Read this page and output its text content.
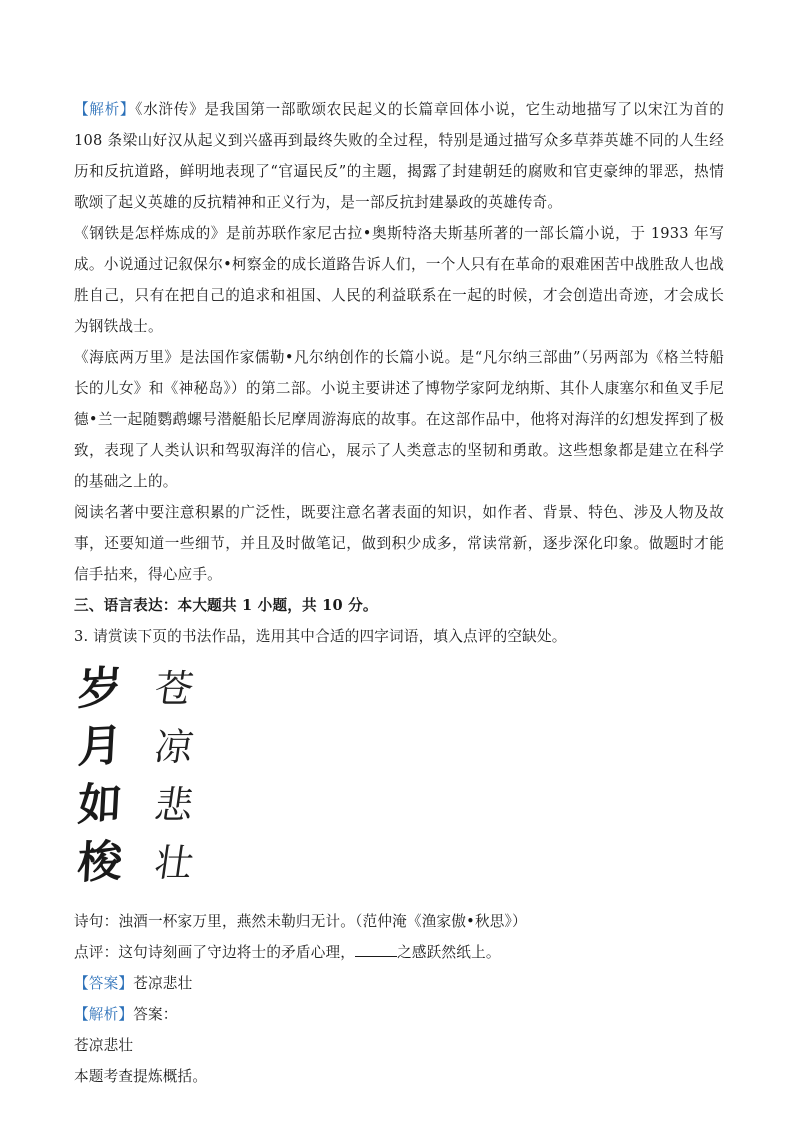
【解析】《水浒传》是我国第一部歌颂农民起义的长篇章回体小说，它生动地描写了以宋江为首的 108 条梁山好汉从起义到兴盛再到最终失败的全过程，特别是通过描写众多草莽英雄不同的人生经历和反抗道路，鲜明地表现了“官逼民反”的主题，揭露了封建朝廷的腐败和官吏豪绅的罪恶，热情歌颂了起义英雄的反抗精神和正义行为，是一部反抗封建暴政的英雄传奇。

《钢铁是怎样炼成的》是前苏联作家尼古拉•奥斯特洛夫斯基所著的一部长篇小说，于 1933 年写成。小说通过记叙保尔•柯察金的成长道路告诉人们，一个人只有在革命的艰难困苦中战胜敌人也战胜自己，只有在把自己的追求和祖国、人民的利益联系在一起的时候，才会创造出奇迹，才会成长为钢铁战士。

《海底两万里》是法国作家儒勒•凡尔纳创作的长篇小说。是“凡尔纳三部曲”（另两部为《格兰特船长的儿女》和《神秘岛》）的第二部。小说主要讲述了博物学家阿龙纳斯、其仆人康塞尔和鱼叉手尼德•兰一起随鹦鹉螺号潜艇船长尼摩周游海底的故事。在这部作品中，他将对海洋的幻想发挥到了极致，表现了人类认识和驾驭海洋的信心，展示了人类意志的坚韧和勇敢。这些想象都是建立在科学的基础之上的。

阅读名著中要注意积累的广泛性，既要注意名著表面的知识，如作者、背景、特色、涉及人物及故事，还要知道一些细节，并且及时做笔记，做到积少成多，常读常新，逐步深化印象。做题时才能信手拈来，得心应手。

三、语言表达：本大题共 1 小题，共 10 分。

3. 请赏读下页的书法作品，选用其中合适的四字词语，填入点评的空缺处。

岁
月
如
梭
苍
凉
悲
壮

诗句：浊酒一杯家万里，燕然未勒归无计。（范仲淹《渔家傲•秋思》）

点评：这句诗刻画了守边将士的矛盾心理，	之感跃然纸上。

【答案】苍凉悲壮

【解析】答案：

苍凉悲壮

本题考查提炼概括。
